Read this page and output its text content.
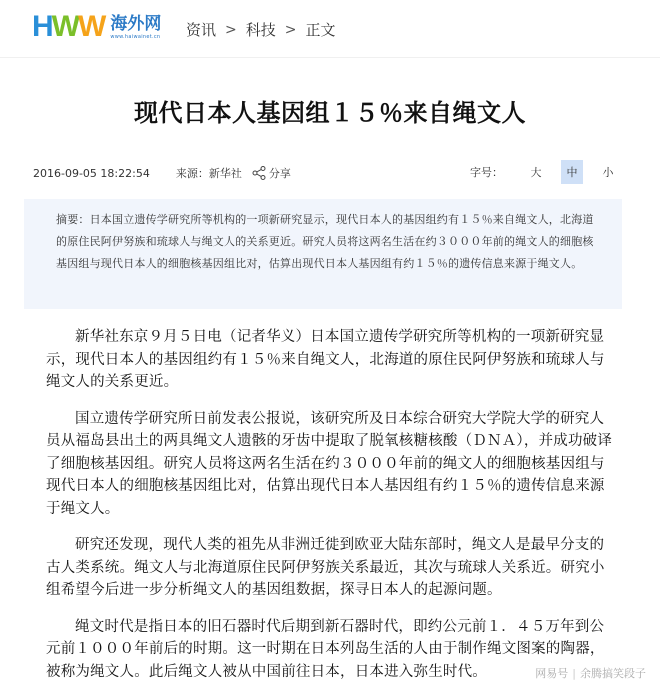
HWW 海外网
www.haiwainet.cn 资讯 > 科技 > 正文
现代日本人基因组１５％来自绳文人
2016-09-05 18:22:54 来源：新华社 分享	字号：	大	中	小
摘要：日本国立遗传学研究所等机构的一项新研究显示，现代日本人的基因组约有１５％来自绳文人，北海道的原住民阿伊努族和琉球人与绳文人的关系更近。研究人员将这两名生活在约３０００年前的绳文人的细胞核基因组与现代日本人的细胞核基因组比对，估算出现代日本人基因组有约１５％的遗传信息来源于绳文人。

新华社东京９月５日电（记者华义）日本国立遗传学研究所等机构的一项新研究显示，现代日本人的基因组约有１５％来自绳文人，北海道的原住民阿伊努族和琉球人与绳文人的关系更近。

国立遗传学研究所日前发表公报说，该研究所及日本综合研究大学院大学的研究人员从福岛县出土的两具绳文人遗骸的牙齿中提取了脱氧核糖核酸（ＤＮＡ），并成功破译了细胞核基因组。研究人员将这两名生活在约３０００年前的绳文人的细胞核基因组与现代日本人的细胞核基因组比对，估算出现代日本人基因组有约１５％的遗传信息来源于绳文人。

研究还发现，现代人类的祖先从非洲迁徙到欧亚大陆东部时，绳文人是最早分支的古人类系统。绳文人与北海道原住民阿伊努族关系最近，其次与琉球人关系近。研究小组希望今后进一步分析绳文人的基因组数据，探寻日本人的起源问题。

绳文时代是指日本的旧石器时代后期到新石器时代，即约公元前１．４５万年到公元前１０００年前后的时期。这一时期在日本列岛生活的人由于制作绳文图案的陶器，被称为绳文人。此后绳文人被从中国前往日本，日本进入弥生时代。	网易号 | 余腾搞笑段子
